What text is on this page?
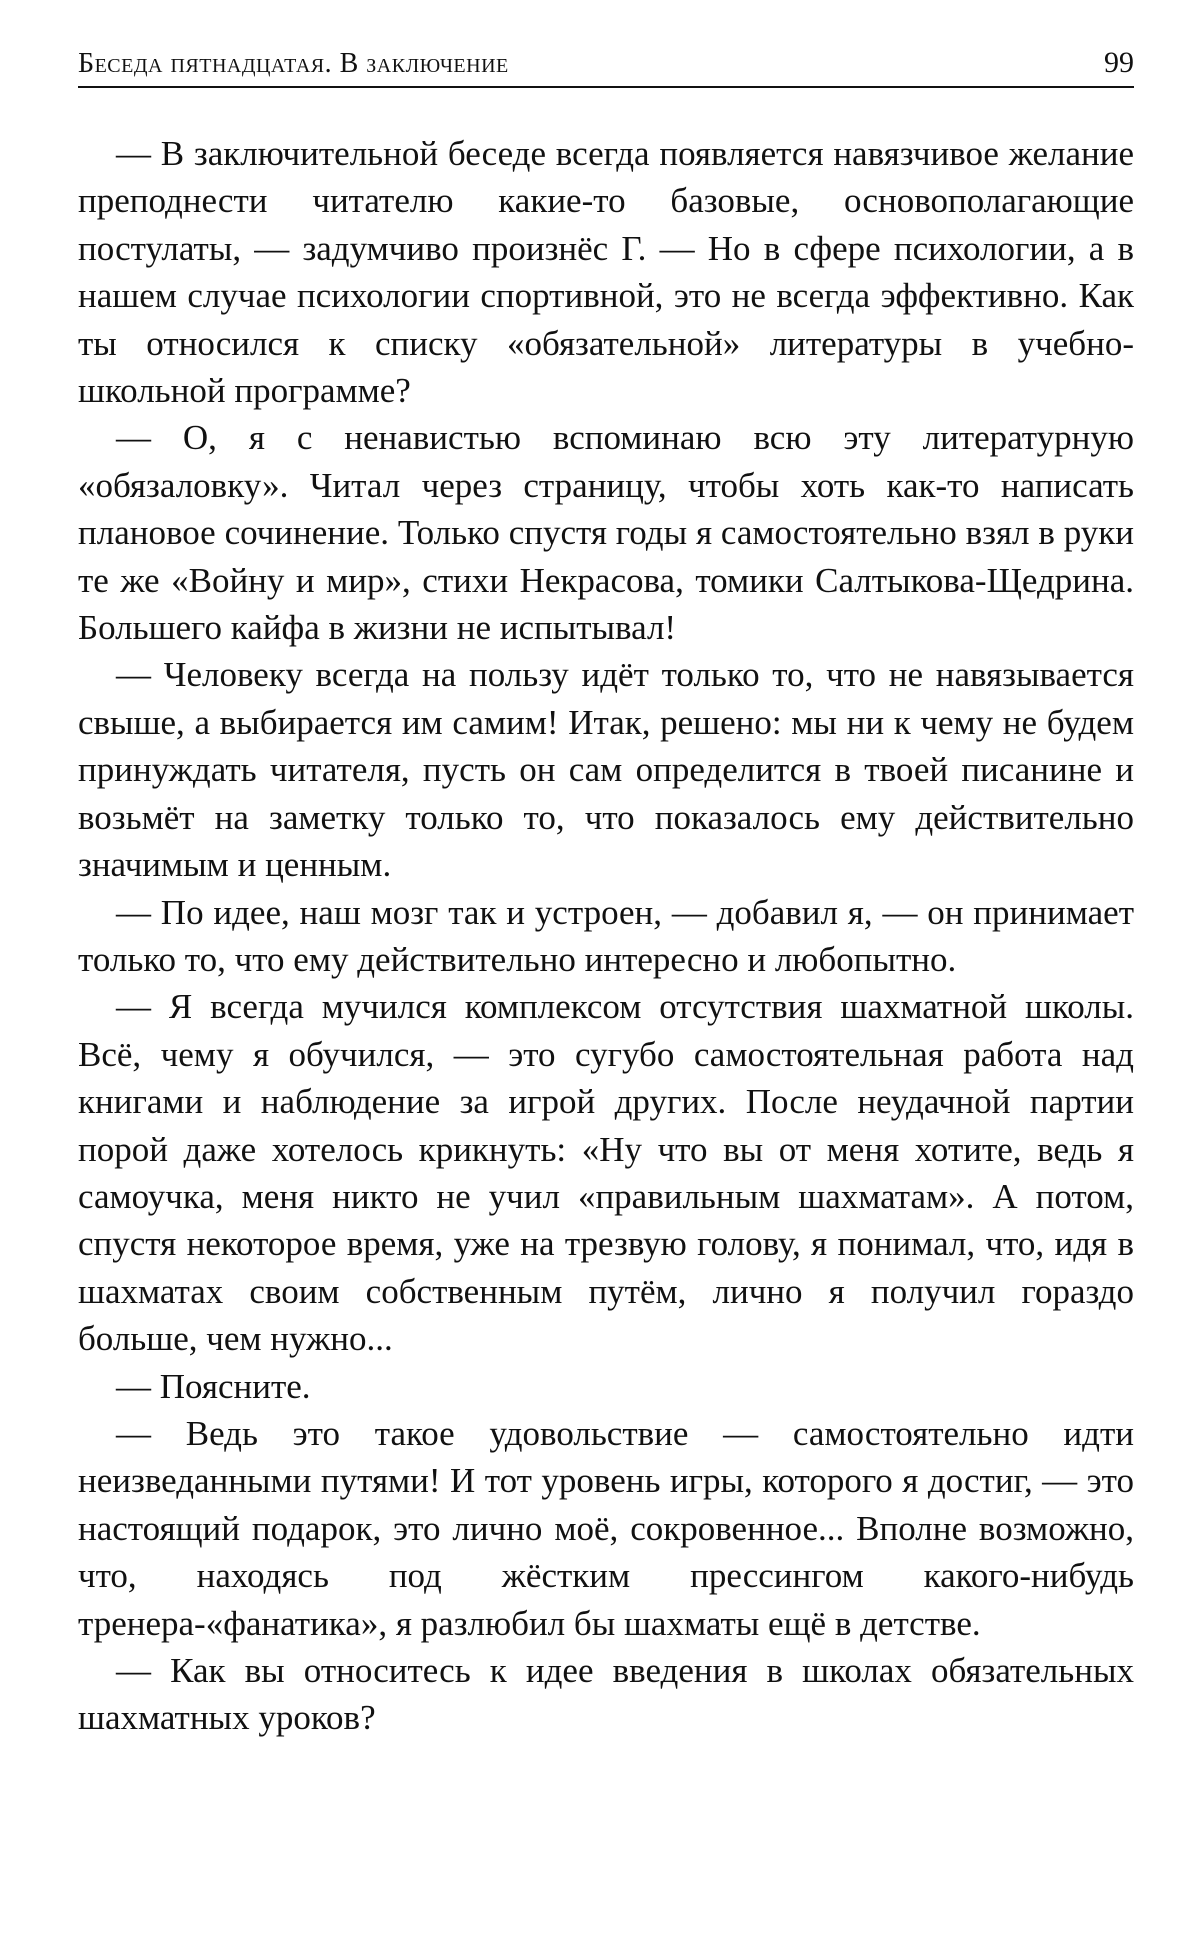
Беседа пятнадцатая. В заключение	99

— В заключительной беседе всегда появляется навязчивое желание преподнести читателю какие-то базовые, основополагающие постулаты, — задумчиво произнёс Г. — Но в сфере психологии, а в нашем случае психологии спортивной, это не всегда эффективно. Как ты относился к списку «обязательной» литературы в учебно-школьной программе?

— О, я с ненавистью вспоминаю всю эту литературную «обязаловку». Читал через страницу, чтобы хоть как-то написать плановое сочинение. Только спустя годы я самостоятельно взял в руки те же «Войну и мир», стихи Некрасова, томики Салтыкова-Щедрина. Большего кайфа в жизни не испытывал!

— Человеку всегда на пользу идёт только то, что не навязывается свыше, а выбирается им самим! Итак, решено: мы ни к чему не будем принуждать читателя, пусть он сам определится в твоей писанине и возьмёт на заметку только то, что показалось ему действительно значимым и ценным.

— По идее, наш мозг так и устроен, — добавил я, — он принимает только то, что ему действительно интересно и любопытно.

— Я всегда мучился комплексом отсутствия шахматной школы. Всё, чему я обучился, — это сугубо самостоятельная работа над книгами и наблюдение за игрой других. После неудачной партии порой даже хотелось крикнуть: «Ну что вы от меня хотите, ведь я самоучка, меня никто не учил «правильным шахматам». А потом, спустя некоторое время, уже на трезвую голову, я понимал, что, идя в шахматах своим собственным путём, лично я получил гораздо больше, чем нужно...

— Поясните.

— Ведь это такое удовольствие — самостоятельно идти неизведанными путями! И тот уровень игры, которого я достиг, — это настоящий подарок, это лично моё, сокровенное... Вполне возможно, что, находясь под жёстким прессингом какого-нибудь тренера-«фанатика», я разлюбил бы шахматы ещё в детстве.

— Как вы относитесь к идее введения в школах обязательных шахматных уроков?
